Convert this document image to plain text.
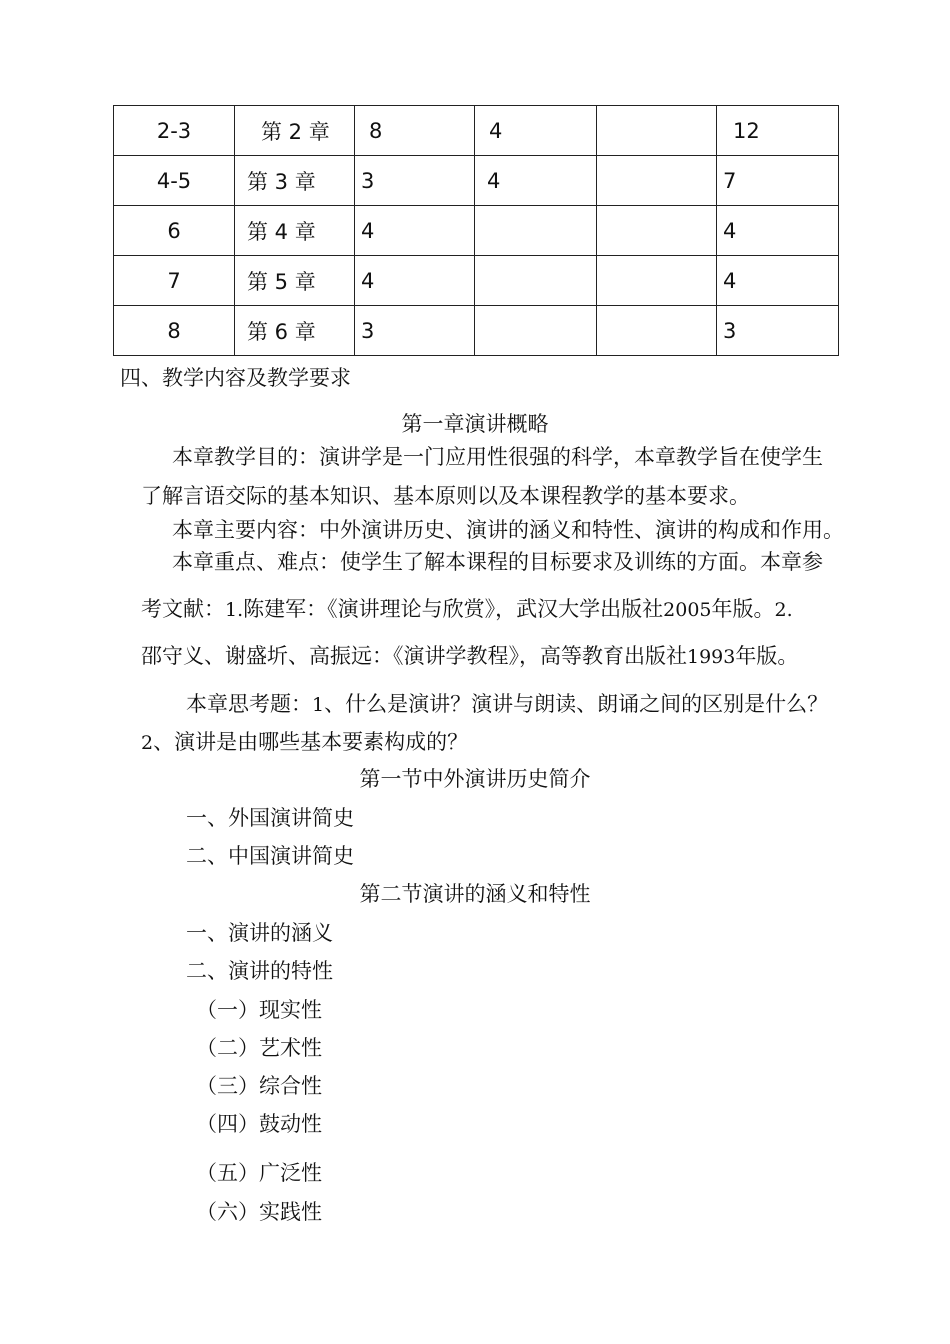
2-3	第 2 章	8	4		12
4-5	第 3 章	3	4		7
6	第 4 章	4			4
7	第 5 章	4			4
8	第 6 章	3			3
四、教学内容及教学要求
第一章演讲概略
本章教学目的：演讲学是一门应用性很强的科学，本章教学旨在使学生
了解言语交际的基本知识、基本原则以及本课程教学的基本要求。
本章主要内容：中外演讲历史、演讲的涵义和特性、演讲的构成和作用。
本章重点、难点：使学生了解本课程的目标要求及训练的方面。本章参
考文献：1.陈建军：《演讲理论与欣赏》，武汉大学出版社2005年版。2.
邵守义、谢盛圻、高振远：《演讲学教程》，高等教育出版社1993年版。
本章思考题：1、什么是演讲？演讲与朗读、朗诵之间的区别是什么？
2、演讲是由哪些基本要素构成的？
第一节中外演讲历史简介
一、外国演讲简史
二、中国演讲简史
第二节演讲的涵义和特性
一、演讲的涵义
二、演讲的特性
（一）现实性
（二）艺术性
（三）综合性
（四）鼓动性
（五）广泛性
（六）实践性
